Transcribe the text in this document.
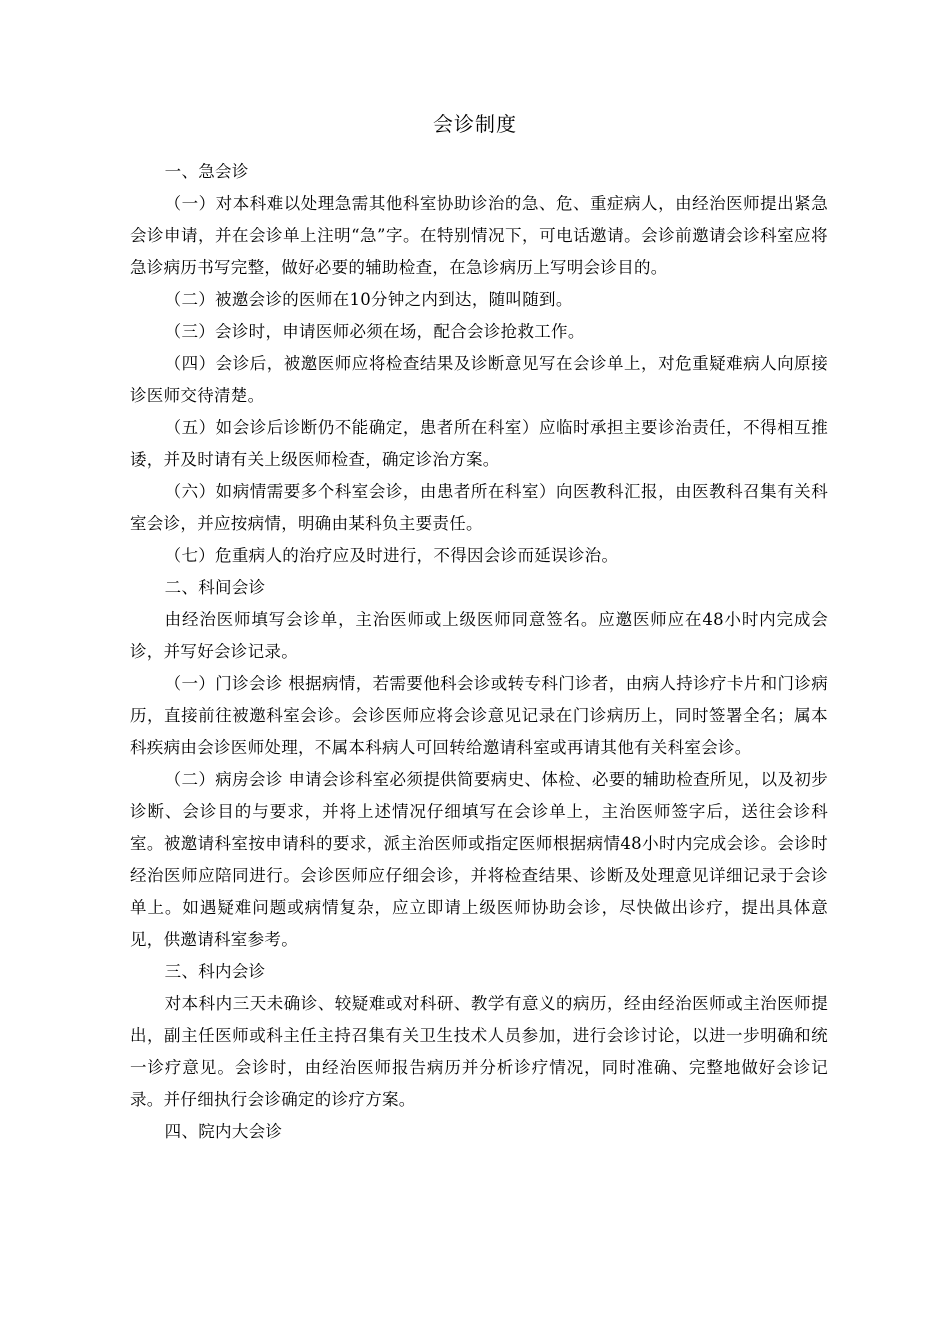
会诊制度

一、急会诊

（一）对本科难以处理急需其他科室协助诊治的急、危、重症病人，由经治医师提出紧急会诊申请，并在会诊单上注明“急”字。在特别情况下，可电话邀请。会诊前邀请会诊科室应将急诊病历书写完整，做好必要的辅助检查，在急诊病历上写明会诊目的。

（二）被邀会诊的医师在10分钟之内到达，随叫随到。

（三）会诊时，申请医师必须在场，配合会诊抢救工作。

（四）会诊后，被邀医师应将检查结果及诊断意见写在会诊单上，对危重疑难病人向原接诊医师交待清楚。

（五）如会诊后诊断仍不能确定，患者所在科室）应临时承担主要诊治责任，不得相互推诿，并及时请有关上级医师检查，确定诊治方案。

（六）如病情需要多个科室会诊，由患者所在科室）向医教科汇报，由医教科召集有关科室会诊，并应按病情，明确由某科负主要责任。

（七）危重病人的治疗应及时进行，不得因会诊而延误诊治。

二、科间会诊

由经治医师填写会诊单，主治医师或上级医师同意签名。应邀医师应在48小时内完成会诊，并写好会诊记录。

（一）门诊会诊 根据病情，若需要他科会诊或转专科门诊者，由病人持诊疗卡片和门诊病历，直接前往被邀科室会诊。会诊医师应将会诊意见记录在门诊病历上，同时签署全名；属本科疾病由会诊医师处理，不属本科病人可回转给邀请科室或再请其他有关科室会诊。

（二）病房会诊 申请会诊科室必须提供简要病史、体检、必要的辅助检查所见，以及初步诊断、会诊目的与要求，并将上述情况仔细填写在会诊单上，主治医师签字后，送往会诊科室。被邀请科室按申请科的要求，派主治医师或指定医师根据病情48小时内完成会诊。会诊时经治医师应陪同进行。会诊医师应仔细会诊，并将检查结果、诊断及处理意见详细记录于会诊单上。如遇疑难问题或病情复杂，应立即请上级医师协助会诊，尽快做出诊疗，提出具体意见，供邀请科室参考。

三、科内会诊

对本科内三天未确诊、较疑难或对科研、教学有意义的病历，经由经治医师或主治医师提出，副主任医师或科主任主持召集有关卫生技术人员参加，进行会诊讨论，以进一步明确和统一诊疗意见。会诊时，由经治医师报告病历并分析诊疗情况，同时准确、完整地做好会诊记录。并仔细执行会诊确定的诊疗方案。

四、院内大会诊
